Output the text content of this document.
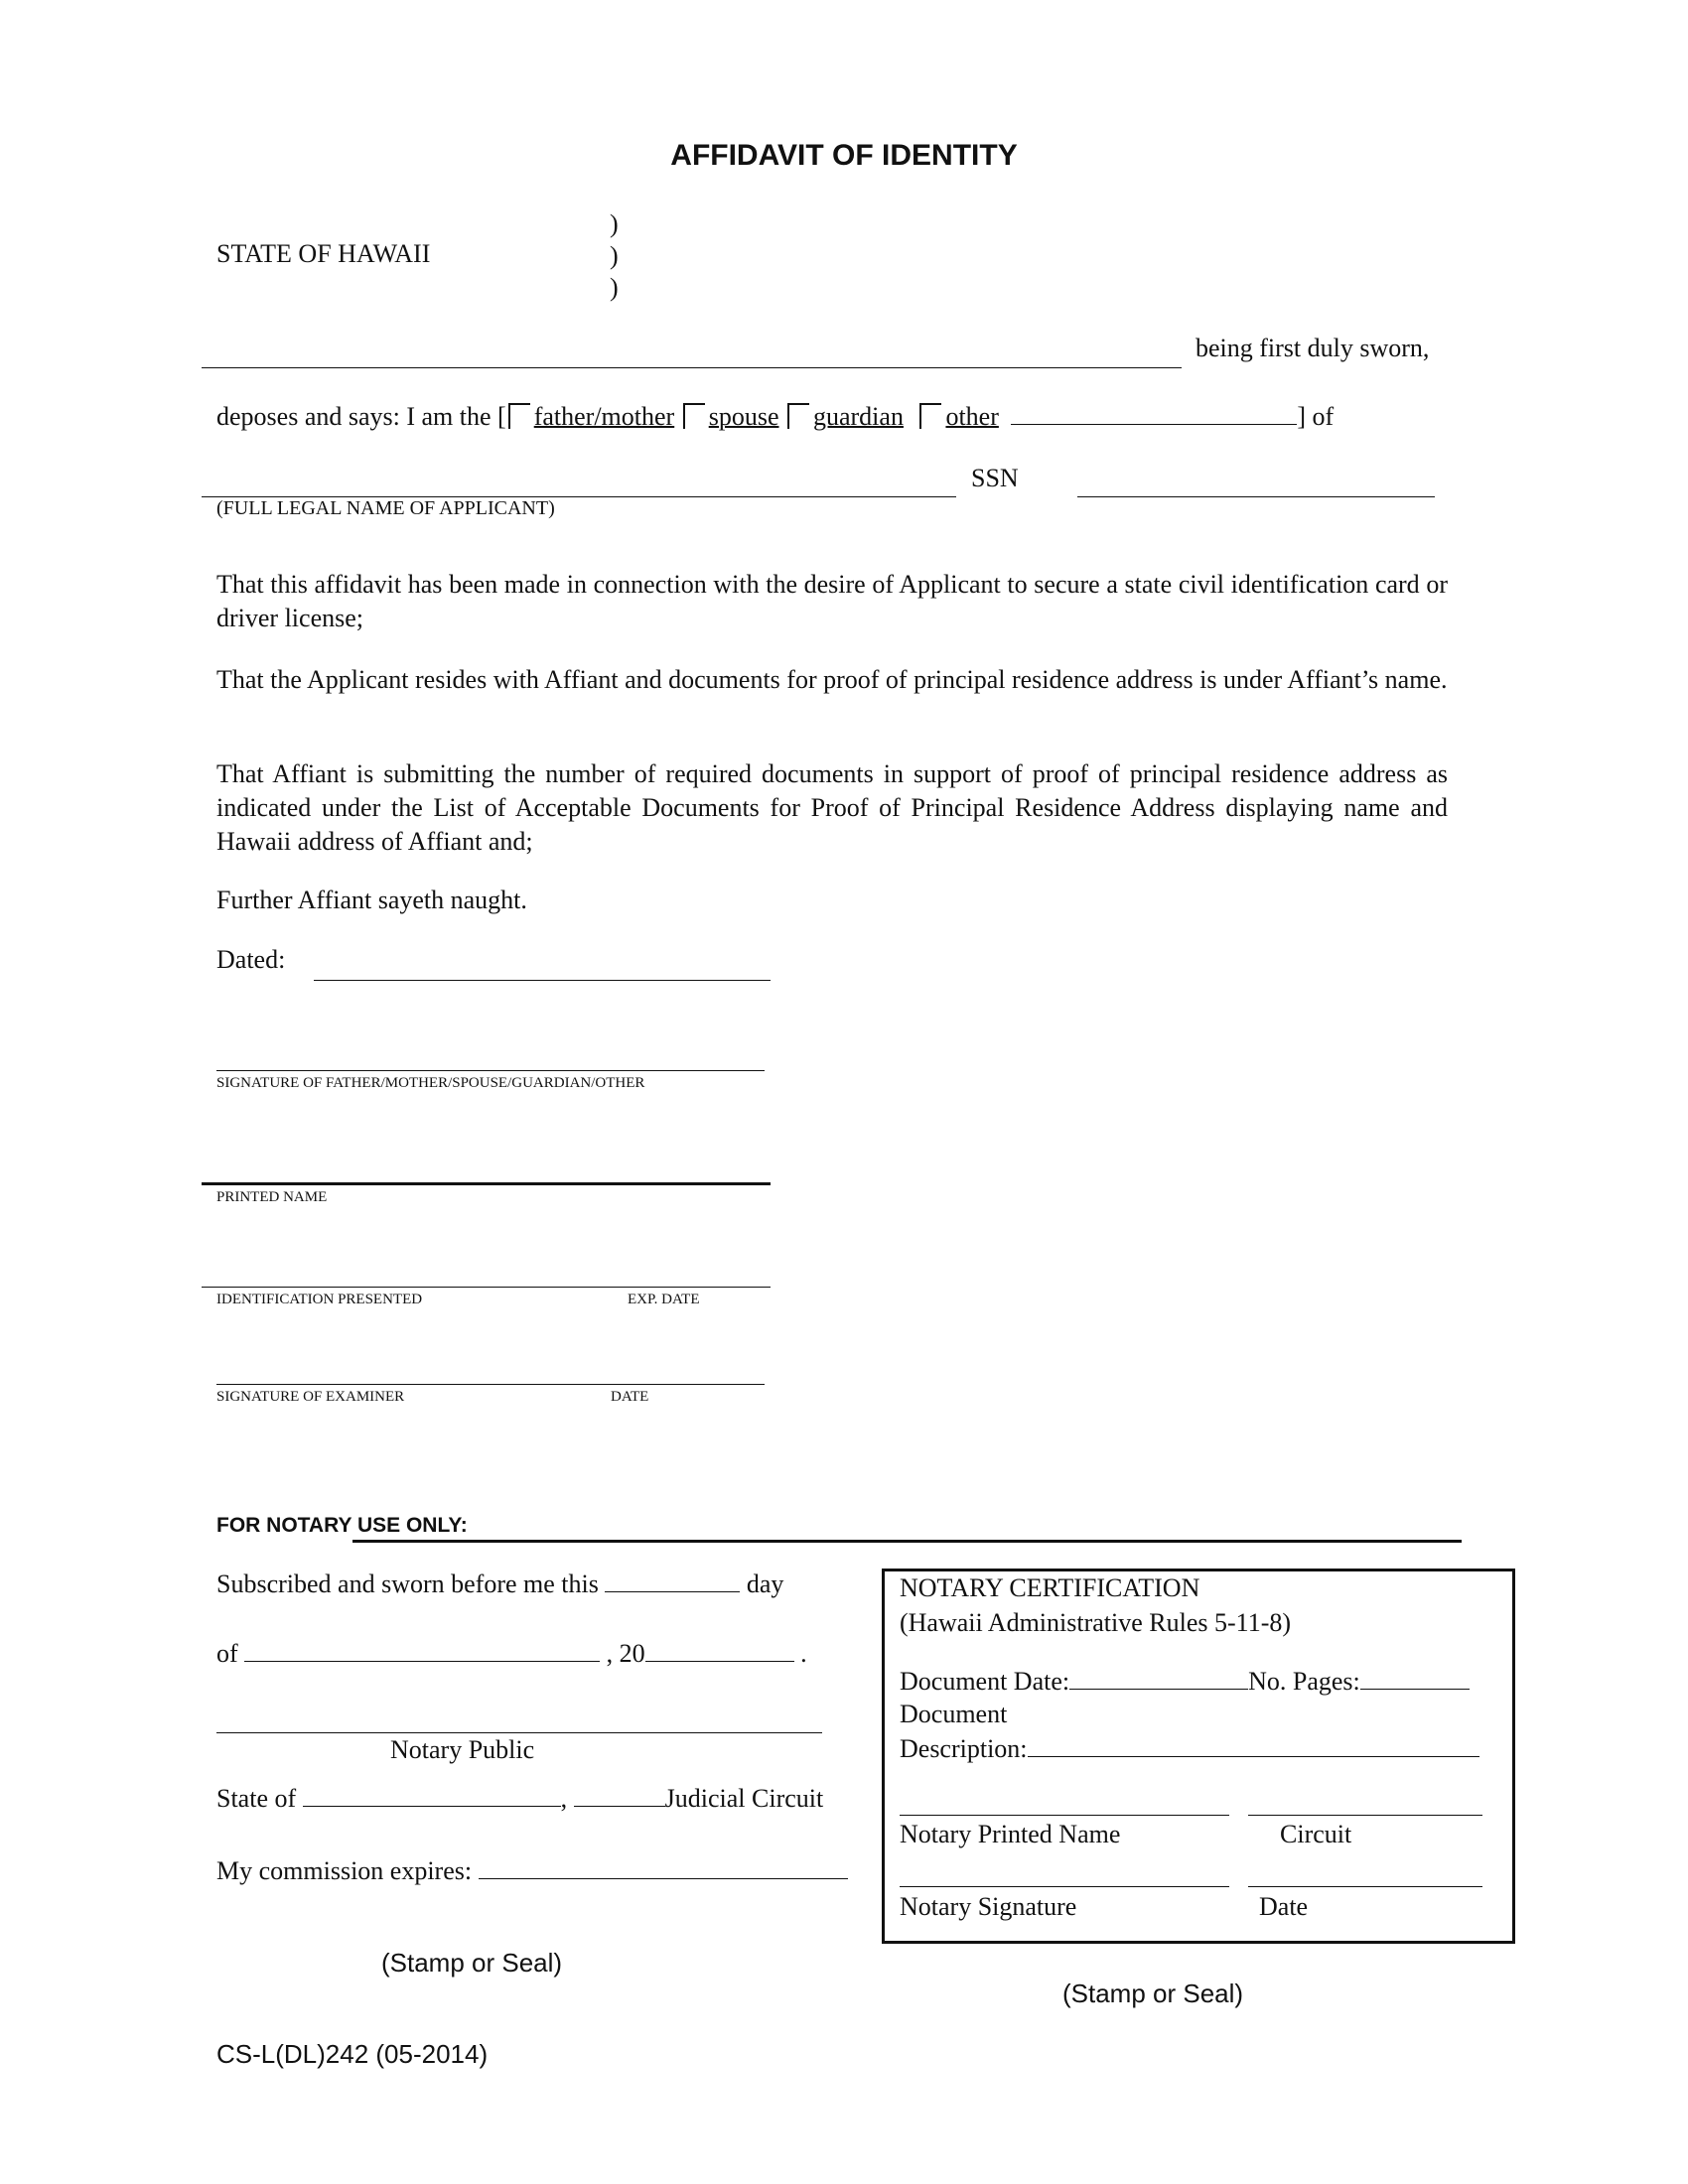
AFFIDAVIT OF IDENTITY
STATE OF HAWAII
)
)
)
being first duly sworn,
deposes and says: I am the [ father/mother spouse guardian other	] of
SSN
(FULL LEGAL NAME OF APPLICANT)
That this affidavit has been made in connection with the desire of Applicant to secure a state civil identification card or driver license;
That the Applicant resides with Affiant and documents for proof of principal residence address is under Affiant’s name.
That Affiant is submitting the number of required documents in support of proof of principal residence address as indicated under the List of Acceptable Documents for Proof of Principal Residence Address displaying name and Hawaii address of Affiant and;
Further Affiant sayeth naught.
Dated:
SIGNATURE OF FATHER/MOTHER/SPOUSE/GUARDIAN/OTHER
PRINTED NAME
IDENTIFICATION PRESENTED	EXP. DATE
SIGNATURE OF EXAMINER	DATE
FOR NOTARY USE ONLY:
Subscribed and sworn before me this	day
of	, 20	.
Notary Public
State of	,	Judicial Circuit
My commission expires:
(Stamp or Seal)
NOTARY CERTIFICATION
(Hawaii Administrative Rules 5-11-8)
Document Date:	No. Pages:
Document
Description:
Notary Printed Name	Circuit
Notary Signature	Date
(Stamp or Seal)
CS-L(DL)242 (05-2014)
